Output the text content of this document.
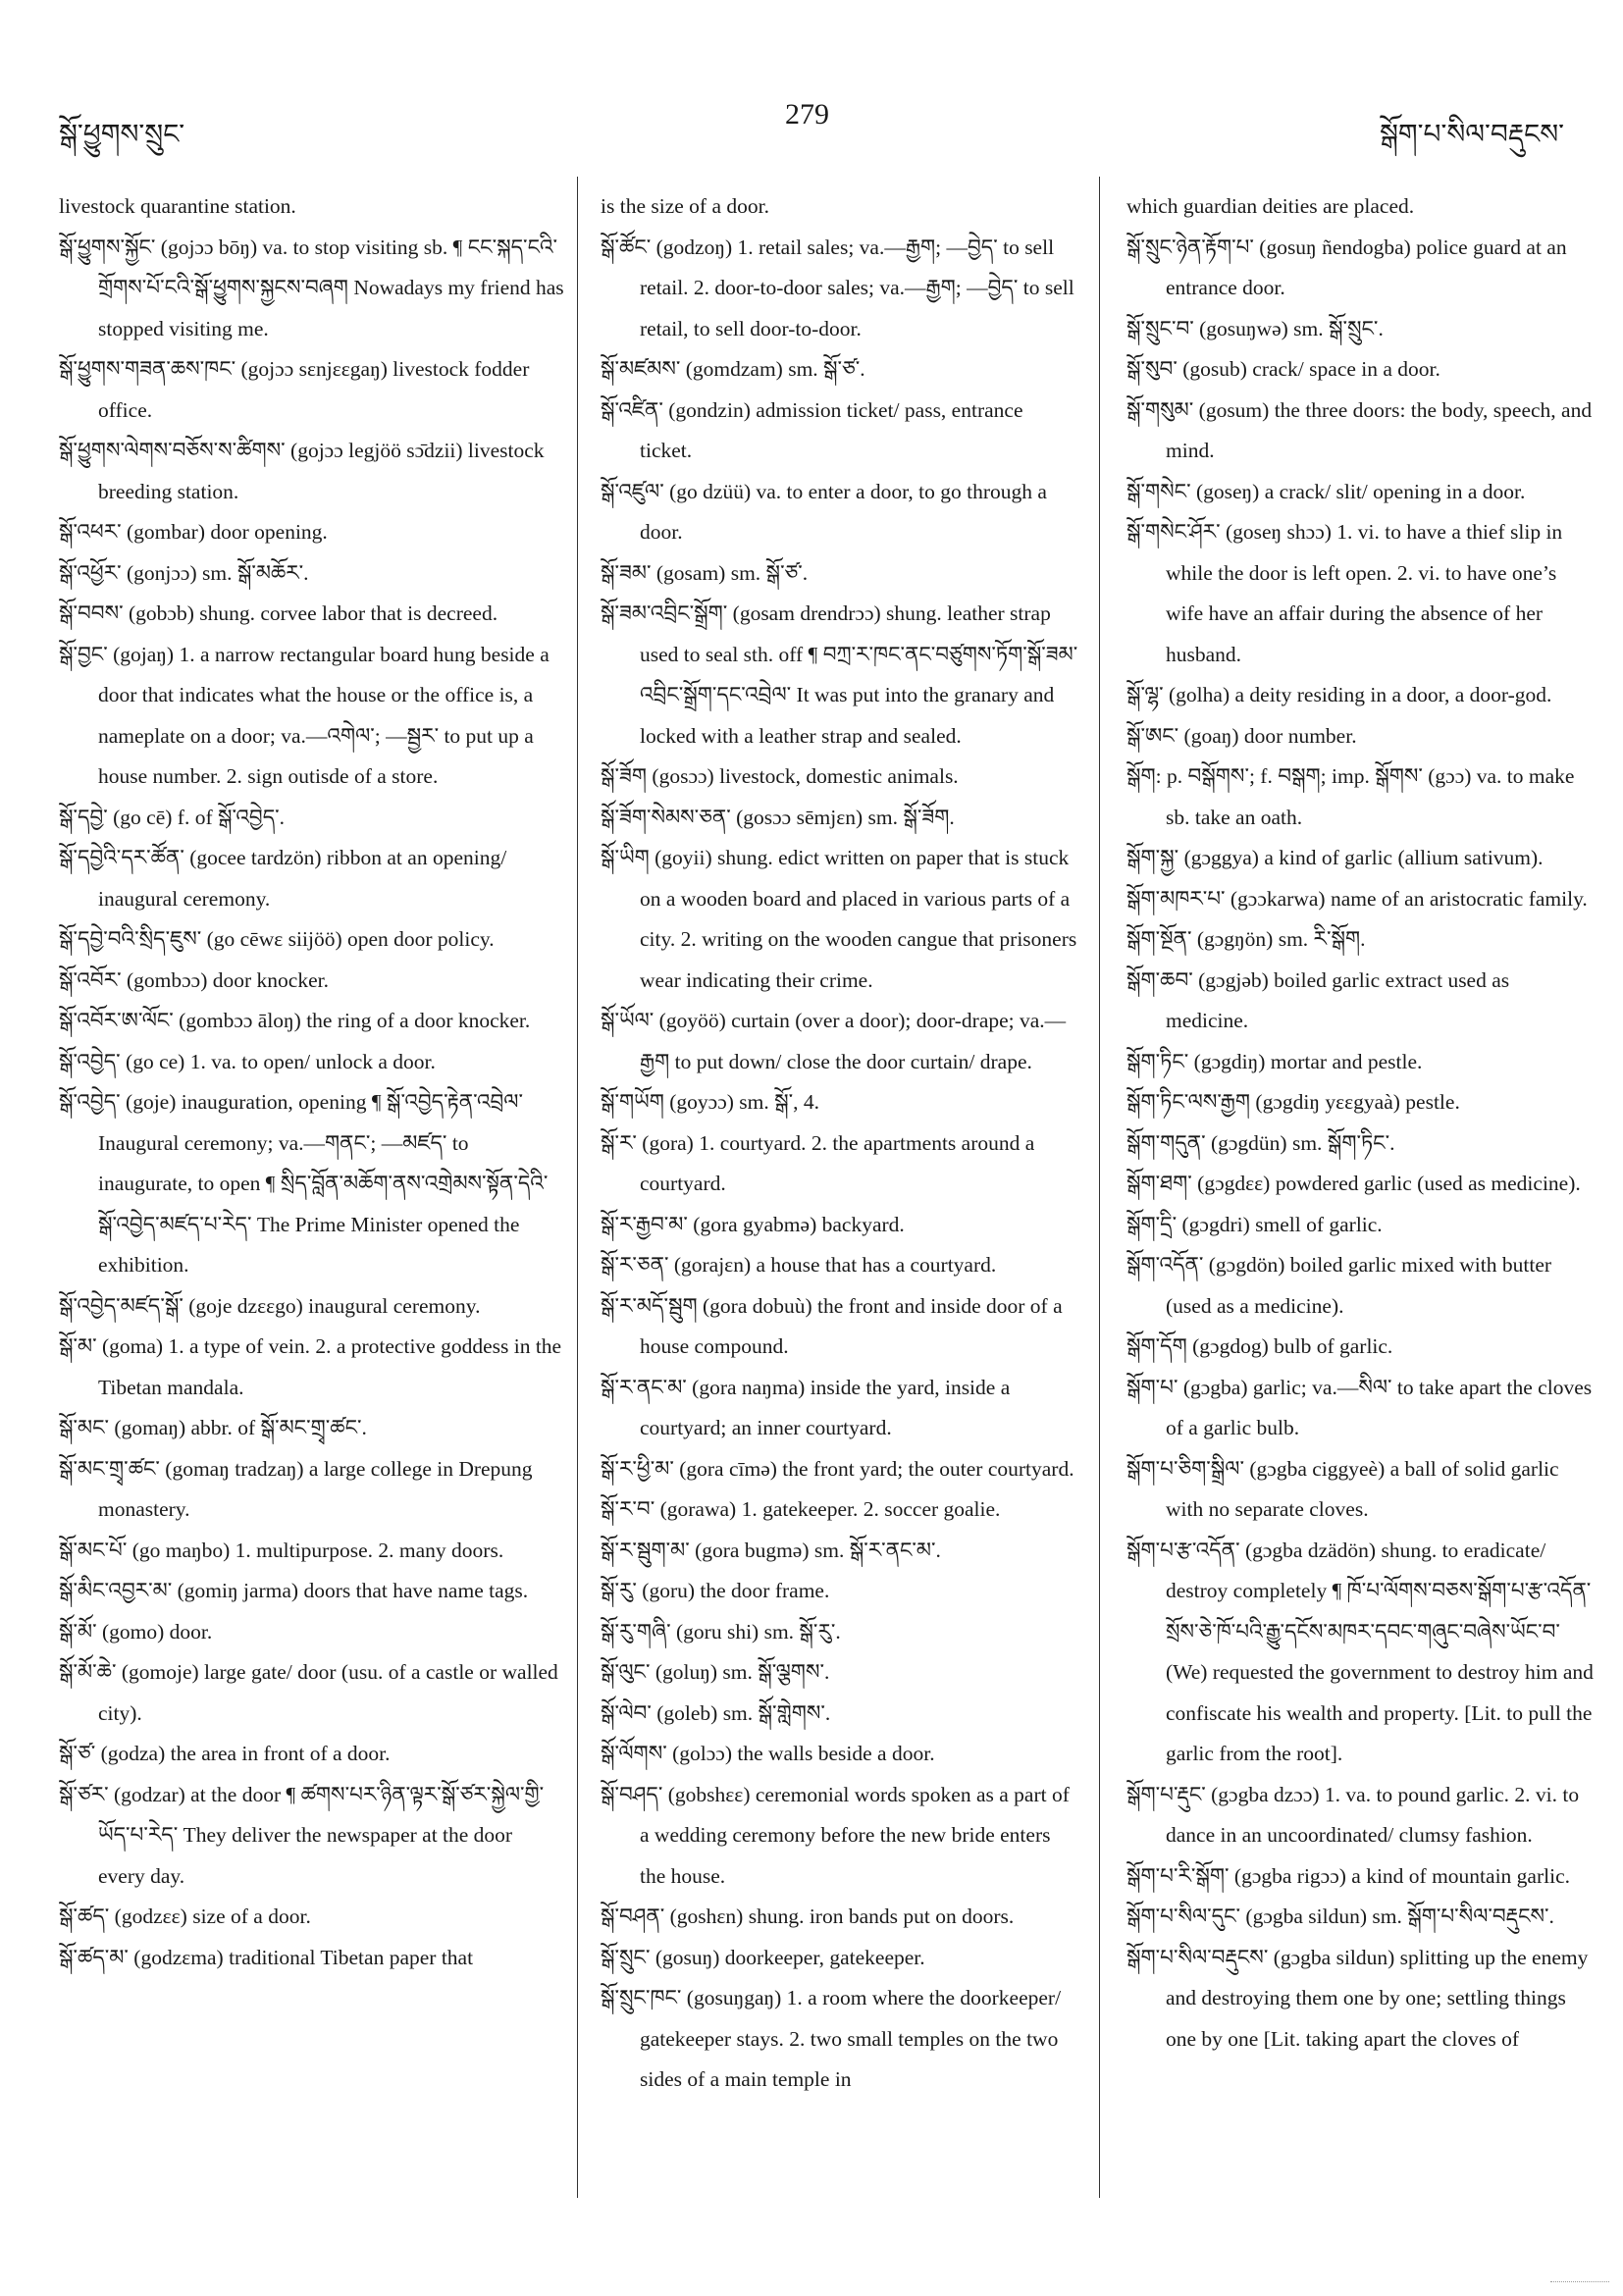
སྒོ་ཕྱུགས་སྲུང་
279
སྒོག་པ་སིལ་བརྡུངས་

livestock quarantine station.

སྒོ་ཕྱུགས་སྐྱོང་ (gojɔɔ bōŋ) va. to stop visiting sb. ¶ ངང་སྐད་ངའི་གྲོགས་པོ་ངའི་སྒོ་ཕྱུགས་སྐྱངས་བཞག Nowadays my friend has stopped visiting me.

སྒོ་ཕྱུགས་གཟན་ཆས་ཁང་ (gojɔɔ sɛnjɛɛgaŋ) livestock fodder office.

སྒོ་ཕྱུགས་ལེགས་བཅོས་ས་ཚིགས་ (gojɔɔ legjöö sɔ̄dzii) livestock breeding station.

སྒོ་འཕར་ (gombar) door opening.

སྒོ་འཕྱོར་ (gonjɔɔ) sm. སྒོ་མཆོར་.

སྒོ་བབས་ (gobɔb) shung. corvee labor that is decreed.

སྒོ་བྱང་ (gojaŋ) 1. a narrow rectangular board hung beside a door that indicates what the house or the office is, a nameplate on a door; va.—འགེལ་; —སྦྱར་ to put up a house number. 2. sign outisde of a store.

སྒོ་དབྱེ་ (go cē) f. of སྒོ་འབྱེད་.

སྒོ་དབྱེའི་དར་ཚོན་ (gocee tardzön) ribbon at an opening/ inaugural ceremony.

སྒོ་དབྱེ་བའི་སྲིད་ཇུས་ (go cēwɛ siijöö) open door policy.

སྒོ་འབོར་ (gombɔɔ) door knocker.

སྒོ་འབོར་ཨ་ལོང་ (gombɔɔ āloŋ) the ring of a door knocker.

སྒོ་འབྱེད་ (go ce) 1. va. to open/ unlock a door.

སྒོ་འབྱེད་ (goje) inauguration, opening ¶ སྒོ་འབྱེད་རྟེན་འབྲེལ་ Inaugural ceremony; va.—གནང་; —མཛད་ to inaugurate, to open ¶ སྲིད་བློན་མཆོག་ནས་འགྲེམས་སྟོན་དེའི་སྒོ་འབྱེད་མཛད་པ་རེད་ The Prime Minister opened the exhibition.

སྒོ་འབྱེད་མཛད་སྒོ་ (goje dzɛɛgo) inaugural ceremony.

སྒོ་མ་ (goma) 1. a type of vein. 2. a protective goddess in the Tibetan mandala.

སྒོ་མང་ (gomaŋ) abbr. of སྒོ་མང་གྲྭ་ཚང་.

སྒོ་མང་གྲྭ་ཚང་ (gomaŋ tradzaŋ) a large college in Drepung monastery.

སྒོ་མང་པོ་ (go maŋbo) 1. multipurpose. 2. many doors.

སྒོ་མིང་འབྱར་མ་ (gomiŋ jarma) doors that have name tags.

སྒོ་མོ་ (gomo) door.

སྒོ་མོ་ཆེ་ (gomoje) large gate/ door (usu. of a castle or walled city).

སྒོ་ཙ་ (godza) the area in front of a door.

སྒོ་ཙར་ (godzar) at the door ¶ ཚགས་པར་ཉིན་ལྟར་སྒོ་ཙར་སྐྱེལ་གྱི་ཡོད་པ་རེད་ They deliver the newspaper at the door every day.

སྒོ་ཚད་ (godzɛɛ) size of a door.

སྒོ་ཚད་མ་ (godzɛma) traditional Tibetan paper that

is the size of a door.

སྒོ་ཚོང་ (godzoŋ) 1. retail sales; va.—རྒྱག; —བྱེད་ to sell retail. 2. door-to-door sales; va.—རྒྱག; —བྱེད་ to sell retail, to sell door-to-door.

སྒོ་མཛམས་ (gomdzam) sm. སྒོ་ཙ་.

སྒོ་འཛིན་ (gondzin) admission ticket/ pass, entrance ticket.

སྒོ་འཛུལ་ (go dzüü) va. to enter a door, to go through a door.

སྒོ་ཟམ་ (gosam) sm. སྒོ་ཙ་.

སྒོ་ཟམ་འབྲིང་སྒྲོག་ (gosam drendrɔɔ) shung. leather strap used to seal sth. off ¶ བཀྲ་ར་ཁང་ནང་བཙུགས་ཏོག་སྒོ་ཟམ་འབྲིང་སྒྲོག་དང་འབྲེལ་ It was put into the granary and locked with a leather strap and sealed.

སྒོ་ཟོག (gosɔɔ) livestock, domestic animals.

སྒོ་ཟོག་སེམས་ཅན་ (gosɔɔ sēmjɛn) sm. སྒོ་ཟོག.

སྒོ་ཡིག (goyii) shung. edict written on paper that is stuck on a wooden board and placed in various parts of a city. 2. writing on the wooden cangue that prisoners wear indicating their crime.

སྒོ་ཡོལ་ (goyöö) curtain (over a door); door-drape; va.—རྒྱག to put down/ close the door curtain/ drape.

སྒོ་གཡོག (goyɔɔ) sm. སྒོ་, 4.

སྒོ་ར་ (gora) 1. courtyard. 2. the apartments around a courtyard.

སྒོ་ར་རྒྱབ་མ་ (gora gyabmə) backyard.

སྒོ་ར་ཅན་ (gorajɛn) a house that has a courtyard.

སྒོ་ར་མདོ་སྦུག (gora dobuù) the front and inside door of a house compound.

སྒོ་ར་ནང་མ་ (gora naŋma) inside the yard, inside a courtyard; an inner courtyard.

སྒོ་ར་ཕྱི་མ་ (gora cīmə) the front yard; the outer courtyard.

སྒོ་ར་བ་ (gorawa) 1. gatekeeper. 2. soccer goalie.

སྒོ་ར་སྦུག་མ་ (gora bugmə) sm. སྒོ་ར་ནང་མ་.

སྒོ་རུ་ (goru) the door frame.

སྒོ་རུ་གཞི་ (goru shi) sm. སྒོ་རུ་.

སྒོ་ལུང་ (goluŋ) sm. སྒོ་ལྕགས་.

སྒོ་ལེབ་ (goleb) sm. སྒོ་གླེགས་.

སྒོ་ལོགས་ (golɔɔ) the walls beside a door.

སྒོ་བཤད་ (gobshɛɛ) ceremonial words spoken as a part of a wedding ceremony before the new bride enters the house.

སྒོ་བཤན་ (goshɛn) shung. iron bands put on doors.

སྒོ་སྲུང་ (gosuŋ) doorkeeper, gatekeeper.

སྒོ་སྲུང་ཁང་ (gosuŋgaŋ) 1. a room where the doorkeeper/ gatekeeper stays. 2. two small temples on the two sides of a main temple in

which guardian deities are placed.

སྒོ་སྲུང་ཉེན་རྟོག་པ་ (gosuŋ ñendogba) police guard at an entrance door.

སྒོ་སྲུང་བ་ (gosuŋwə) sm. སྒོ་སྲུང་.

སྒོ་སུབ་ (gosub) crack/ space in a door.

སྒོ་གསུམ་ (gosum) the three doors: the body, speech, and mind.

སྒོ་གསེང་ (goseŋ) a crack/ slit/ opening in a door.

སྒོ་གསེང་ཤོར་ (goseŋ shɔɔ) 1. vi. to have a thief slip in while the door is left open. 2. vi. to have one’s wife have an affair during the absence of her husband.

སྒོ་ལྷ་ (golha) a deity residing in a door, a door-god.

སྒོ་ཨང་ (goaŋ) door number.

སྒོག: p. བསྒོགས་; f. བསྒག; imp. སྒོགས་ (gɔɔ) va. to make sb. take an oath.

སྒོག་སྐྱ་ (gɔggya) a kind of garlic (allium sativum).

སྒོག་མཁར་པ་ (gɔɔkarwa) name of an aristocratic family.

སྒོག་སྔོན་ (gɔgŋön) sm. རི་སྒོག.

སྒོག་ཆབ་ (gɔgjəb) boiled garlic extract used as medicine.

སྒོག་ཏིང་ (gɔgdiŋ) mortar and pestle.

སྒོག་ཏིང་ལས་རྒྱག (gɔgdiŋ yɛɛgyaà) pestle.

སྒོག་གདུན་ (gɔgdün) sm. སྒོག་ཏིང་.

སྒོག་ཐག་ (gɔgdɛɛ) powdered garlic (used as medicine).

སྒོག་དྲི་ (gɔgdri) smell of garlic.

སྒོག་འདོན་ (gɔgdön) boiled garlic mixed with butter (used as a medicine).

སྒོག་དོག (gɔgdog) bulb of garlic.

སྒོག་པ་ (gɔgba) garlic; va.—སིལ་ to take apart the cloves of a garlic bulb.

སྒོག་པ་ཅིག་སྒྲིལ་ (gɔgba ciggyeè) a ball of solid garlic with no separate cloves.

སྒོག་པ་རྩ་འདོན་ (gɔgba dzädön) shung. to eradicate/ destroy completely ¶ ཁོ་པ་ལོགས་བཅས་སྒོག་པ་རྩ་འདོན་སྲོས་ཅེ་ཁོ་པའི་རྒྱུ་དངོས་མཁར་དབང་གཞུང་བཞེས་ཡོང་བ་ (We) requested the government to destroy him and confiscate his wealth and property. [Lit. to pull the garlic from the root].

སྒོག་པ་རྡུང་ (gɔgba dzɔɔ) 1. va. to pound garlic. 2. vi. to dance in an uncoordinated/ clumsy fashion.

སྒོག་པ་རི་སྒོག་ (gɔgba rigɔɔ) a kind of mountain garlic.

སྒོག་པ་སིལ་དུང་ (gɔgba sildun) sm. སྒོག་པ་སིལ་བརྡུངས་.

སྒོག་པ་སིལ་བརྡུངས་ (gɔgba sildun) splitting up the enemy and destroying them one by one; settling things one by one [Lit. taking apart the cloves of
